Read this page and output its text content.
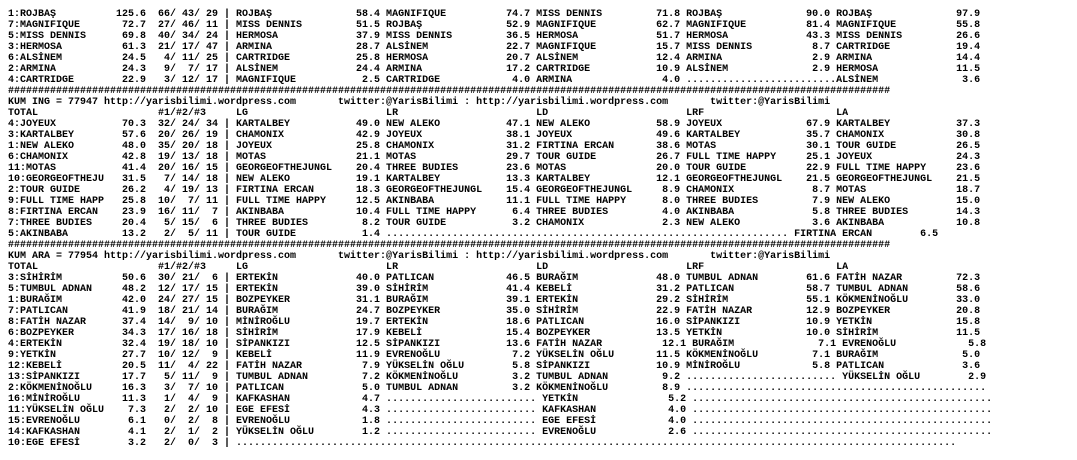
1:ROJBAŞ          125.6  66/ 43/ 29 | ROJBAŞ              58.4 MAGNIFIQUE          74.7 MISS DENNIS         71.8 ROJBAŞ              90.0 ROJBAŞ              97.9
7:MAGNIFIQUE       72.7  27/ 46/ 11 | MISS DENNIS         51.5 ROJBAŞ              52.9 MAGNIFIQUE          62.7 MAGNIFIQUE          81.4 MAGNIFIQUE          55.8
5:MISS DENNIS      69.8  40/ 34/ 24 | HERMOSA             37.9 MISS DENNIS         36.5 HERMOSA             51.7 HERMOSA             43.3 MISS DENNIS         26.6
3:HERMOSA          61.3  21/ 17/ 47 | ARMINA              28.7 ALSİNEM             22.7 MAGNIFIQUE          15.7 MISS DENNIS          8.7 CARTRIDGE           19.4
6:ALSİNEM          24.5   4/ 11/ 25 | CARTRIDGE           25.8 HERMOSA             20.7 ALSİNEM             12.4 ARMINA               2.9 ARMINA              14.4
2:ARMINA           24.3   9/  7/ 17 | ALSİNEM             24.4 ARMINA              17.2 CARTRIDGE           10.9 ALSİNEM              2.9 HERMOSA             11.5
4:CARTRIDGE        22.9   3/ 12/ 17 | MAGNIFIQUE           2.5 CARTRIDGE            4.0 ARMINA               4.0 .........................ALSİNEM              3.6
###################################################################################################################################################
KUM ING = 77947 http://yarisbilimi.wordpress.com       twitter:@YarisBilimi : http://yarisbilimi.wordpress.com       twitter:@YarisBilimi
TOTAL                    #1/#2/#3     LG                       LR                       LD                       LRF                      LA
4:JOYEUX           70.3  32/ 24/ 34 | KARTALBEY           49.0 NEW ALEKO           47.1 NEW ALEKO           58.9 JOYEUX              67.9 KARTALBEY           37.3
3:KARTALBEY        57.6  20/ 26/ 19 | CHAMONIX            42.9 JOYEUX              38.1 JOYEUX              49.6 KARTALBEY           35.7 CHAMONIX            30.8
1:NEW ALEKO        48.0  35/ 20/ 18 | JOYEUX              25.8 CHAMONIX            31.2 FIRTINA ERCAN       38.6 MOTAS               30.1 TOUR GUIDE          26.5
6:CHAMONIX         42.8  19/ 13/ 18 | MOTAS               21.1 MOTAS               29.7 TOUR GUIDE          26.7 FULL TIME HAPPY     25.1 JOYEUX              24.3
11:MOTAS           41.4  20/ 16/ 15 | GEORGEOFTHEJUNGL    20.4 THREE BUDIES        23.6 MOTAS               20.0 TOUR GUIDE          22.9 FULL TIME HAPPY     23.6
10:GEORGEOFTHEJU   31.5   7/ 14/ 18 | NEW ALEKO           19.1 KARTALBEY           13.3 KARTALBEY           12.1 GEORGEOFTHEJUNGL    21.5 GEORGEOFTHEJUNGL    21.5
2:TOUR GUIDE       26.2   4/ 19/ 13 | FIRTINA ERCAN       18.3 GEORGEOFTHEJUNGL    15.4 GEORGEOFTHEJUNGL     8.9 CHAMONIX             8.7 MOTAS               18.7
9:FULL TIME HAPP   25.8  10/  7/ 11 | FULL TIME HAPPY     12.5 AKINBABA            11.1 FULL TIME HAPPY      8.0 THREE BUDIES         7.9 NEW ALEKO           15.0
8:FIRTINA ERCAN    23.9  16/ 11/  7 | AKINBABA            10.4 FULL TIME HAPPY      6.4 THREE BUDIES         4.0 AKINBABA             5.8 THREE BUDIES        14.3
7:THREE BUDIES     20.4   5/ 15/  6 | THREE BUDIES         8.2 TOUR GUIDE           3.2 CHAMONIX             2.3 NEW ALEKO            3.6 AKINBABA            10.8
5:AKINBABA         13.2   2/  5/ 11 | TOUR GUIDE           1.4 ................................................................... FIRTINA ERCAN        6.5
###################################################################################################################################################
KUM ARA = 77954 http://yarisbilimi.wordpress.com       twitter:@YarisBilimi : http://yarisbilimi.wordpress.com       twitter:@YarisBilimi
TOTAL                    #1/#2/#3     LG                       LR                       LD                       LRF                      LA
3:SİHİRİM          50.6  30/ 21/  6 | ERTEKİN             40.0 PATLICAN            46.5 BURAĞIM             48.0 TUMBUL ADNAN        61.6 FATİH NAZAR         72.3
5:TUMBUL ADNAN     48.2  12/ 17/ 15 | ERTEKİN             39.0 SİHİRİM             41.4 KEBELİ              31.2 PATLICAN            58.7 TUMBUL ADNAN        58.6
1:BURAĞIM          42.0  24/ 27/ 15 | BOZPEYKER           31.1 BURAĞIM             39.1 ERTEKİN             29.2 SİHİRİM             55.1 KÖKMENİNOĞLU        33.0
7:PATLICAN         41.9  18/ 21/ 14 | BURAĞIM             24.7 BOZPEYKER           35.0 SİHİRİM             22.9 FATİH NAZAR         12.9 BOZPEYKER           20.8
8:FATİH NAZAR      37.4  14/  9/ 10 | MİNİROĞLU           19.7 ERTEKİN             18.6 PATLICAN            16.0 SİPANKIZI           10.9 YETKİN              15.8
6:BOZPEYKER        34.3  17/ 16/ 18 | SİHİRİM             17.9 KEBELİ              15.4 BOZPEYKER           13.5 YETKİN              10.0 SİHİRİM             11.5
4:ERTEKİN          32.4  19/ 18/ 10 | SİPANKIZI           12.5 SİPANKIZI           13.6 FATİH NAZAR          12.1 BURAĞIM              7.1 EVRENOĞLU            5.8
9:YETKİN           27.7  10/ 12/  9 | KEBELİ              11.9 EVRENOĞLU            7.2 YÜKSELİN OĞLU       11.5 KÖKMENİNOĞLU         7.1 BURAĞIM              5.0
12:KEBELİ          20.5  11/  4/ 22 | FATİH NAZAR          7.9 YÜKSELİN OĞLU        5.8 SİPANKIZI           10.9 MİNİROĞLU            5.8 PATLICAN             3.6
13:SİPANKIZI       17.7   5/ 11/  9 | TUMBUL ADNAN         7.2 KÖKMENİNOĞLU         3.2 TUMBUL ADNAN         9.2 ......................... YÜKSELİN OĞLU        2.9
2:KÖKMENİNOĞLU     16.3   3/  7/ 10 | PATLICAN             5.0 TUMBUL ADNAN         3.2 KÖKMENİNOĞLU         8.9 ..................................................
16:MİNİROĞLU       11.3   1/  4/  9 | KAFKASHAN            4.7 ......................... YETKİN               5.2 ..................................................
11:YÜKSELİN OĞLU    7.3   2/  2/ 10 | EGE EFESİ            4.3 ......................... KAFKASHAN            4.0 ..................................................
15:EVRENOĞLU        6.1   0/  2/  8 | EVRENOĞLU            1.8 ......................... EGE EFESİ            4.0 ..................................................
14:KAFKASHAN        4.1   2/  1/  2 | YÜKSELİN OĞLU        1.2 ......................... EVRENOĞLU            2.6 ..................................................
10:EGE EFESİ        3.2   2/  0/  3 | ........................................................................................................................
